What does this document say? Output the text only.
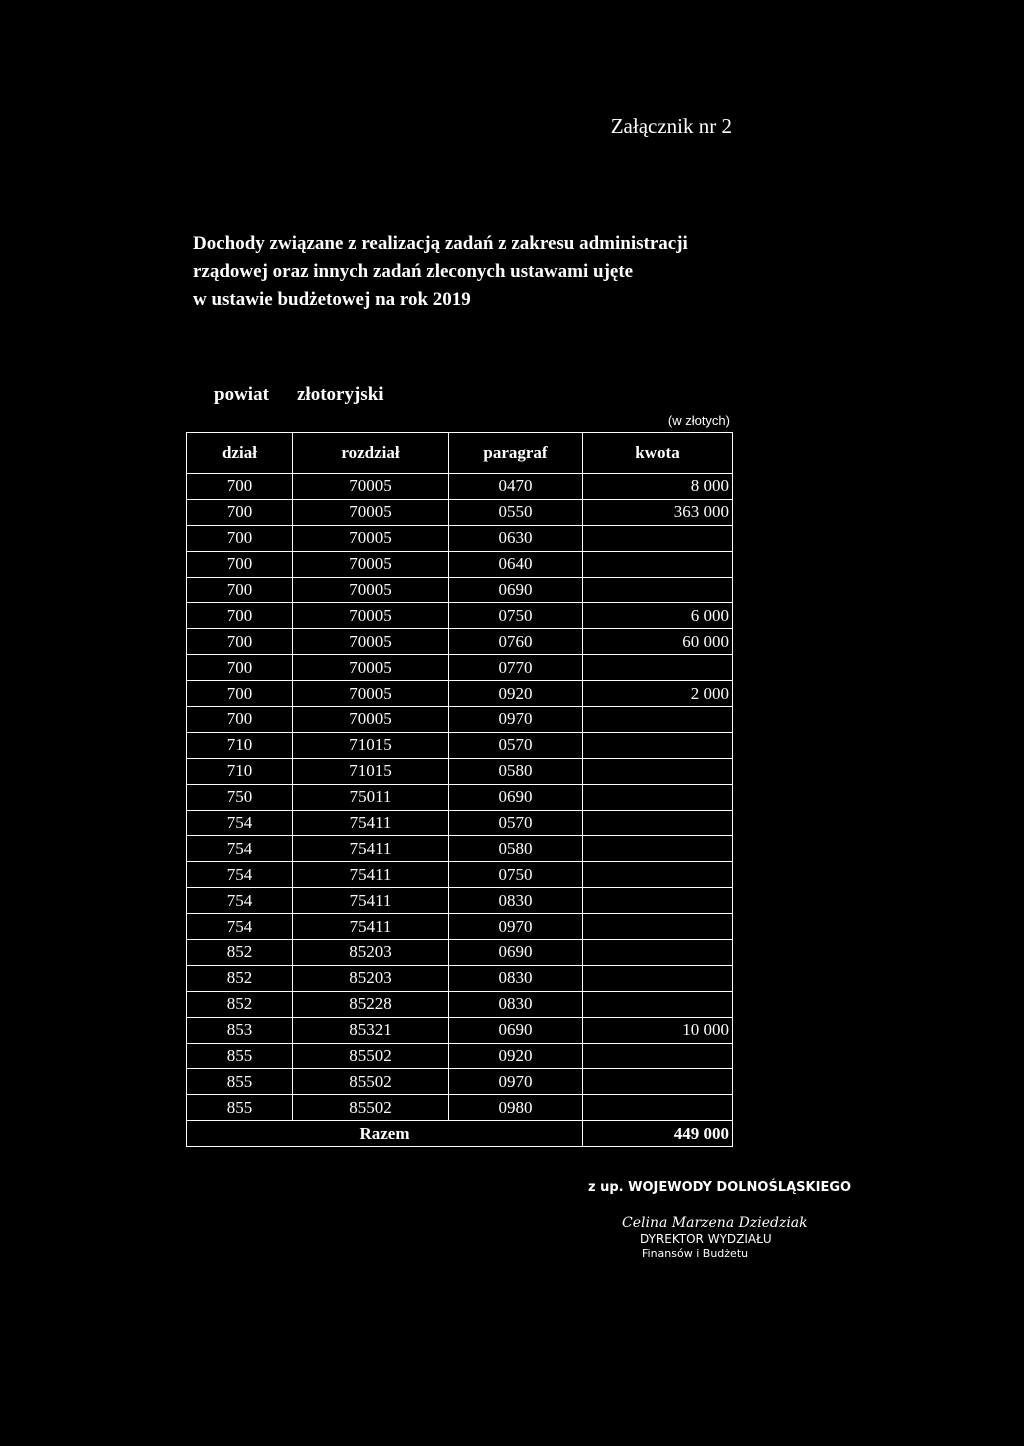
Załącznik nr 2
Dochody związane z realizacją zadań z zakresu administracji
rządowej oraz innych zadań zleconych ustawami ujęte
w ustawie budżetowej na rok 2019
powiat złotoryjski
(w złotych)
dział	rozdział	paragraf	kwota
700	70005	0470	8 000
700	70005	0550	363 000
700	70005	0630	
700	70005	0640	
700	70005	0690	
700	70005	0750	6 000
700	70005	0760	60 000
700	70005	0770	
700	70005	0920	2 000
700	70005	0970	
710	71015	0570	
710	71015	0580	
750	75011	0690	
754	75411	0570	
754	75411	0580	
754	75411	0750	
754	75411	0830	
754	75411	0970	
852	85203	0690	
852	85203	0830	
852	85228	0830	
853	85321	0690	10 000
855	85502	0920	
855	85502	0970	
855	85502	0980	
Razem			449 000
z up. WOJEWODY DOLNOŚLĄSKIEGO
Celina Marzena Dziedziak
DYREKTOR WYDZIAŁU
Finansów i Budżetu
